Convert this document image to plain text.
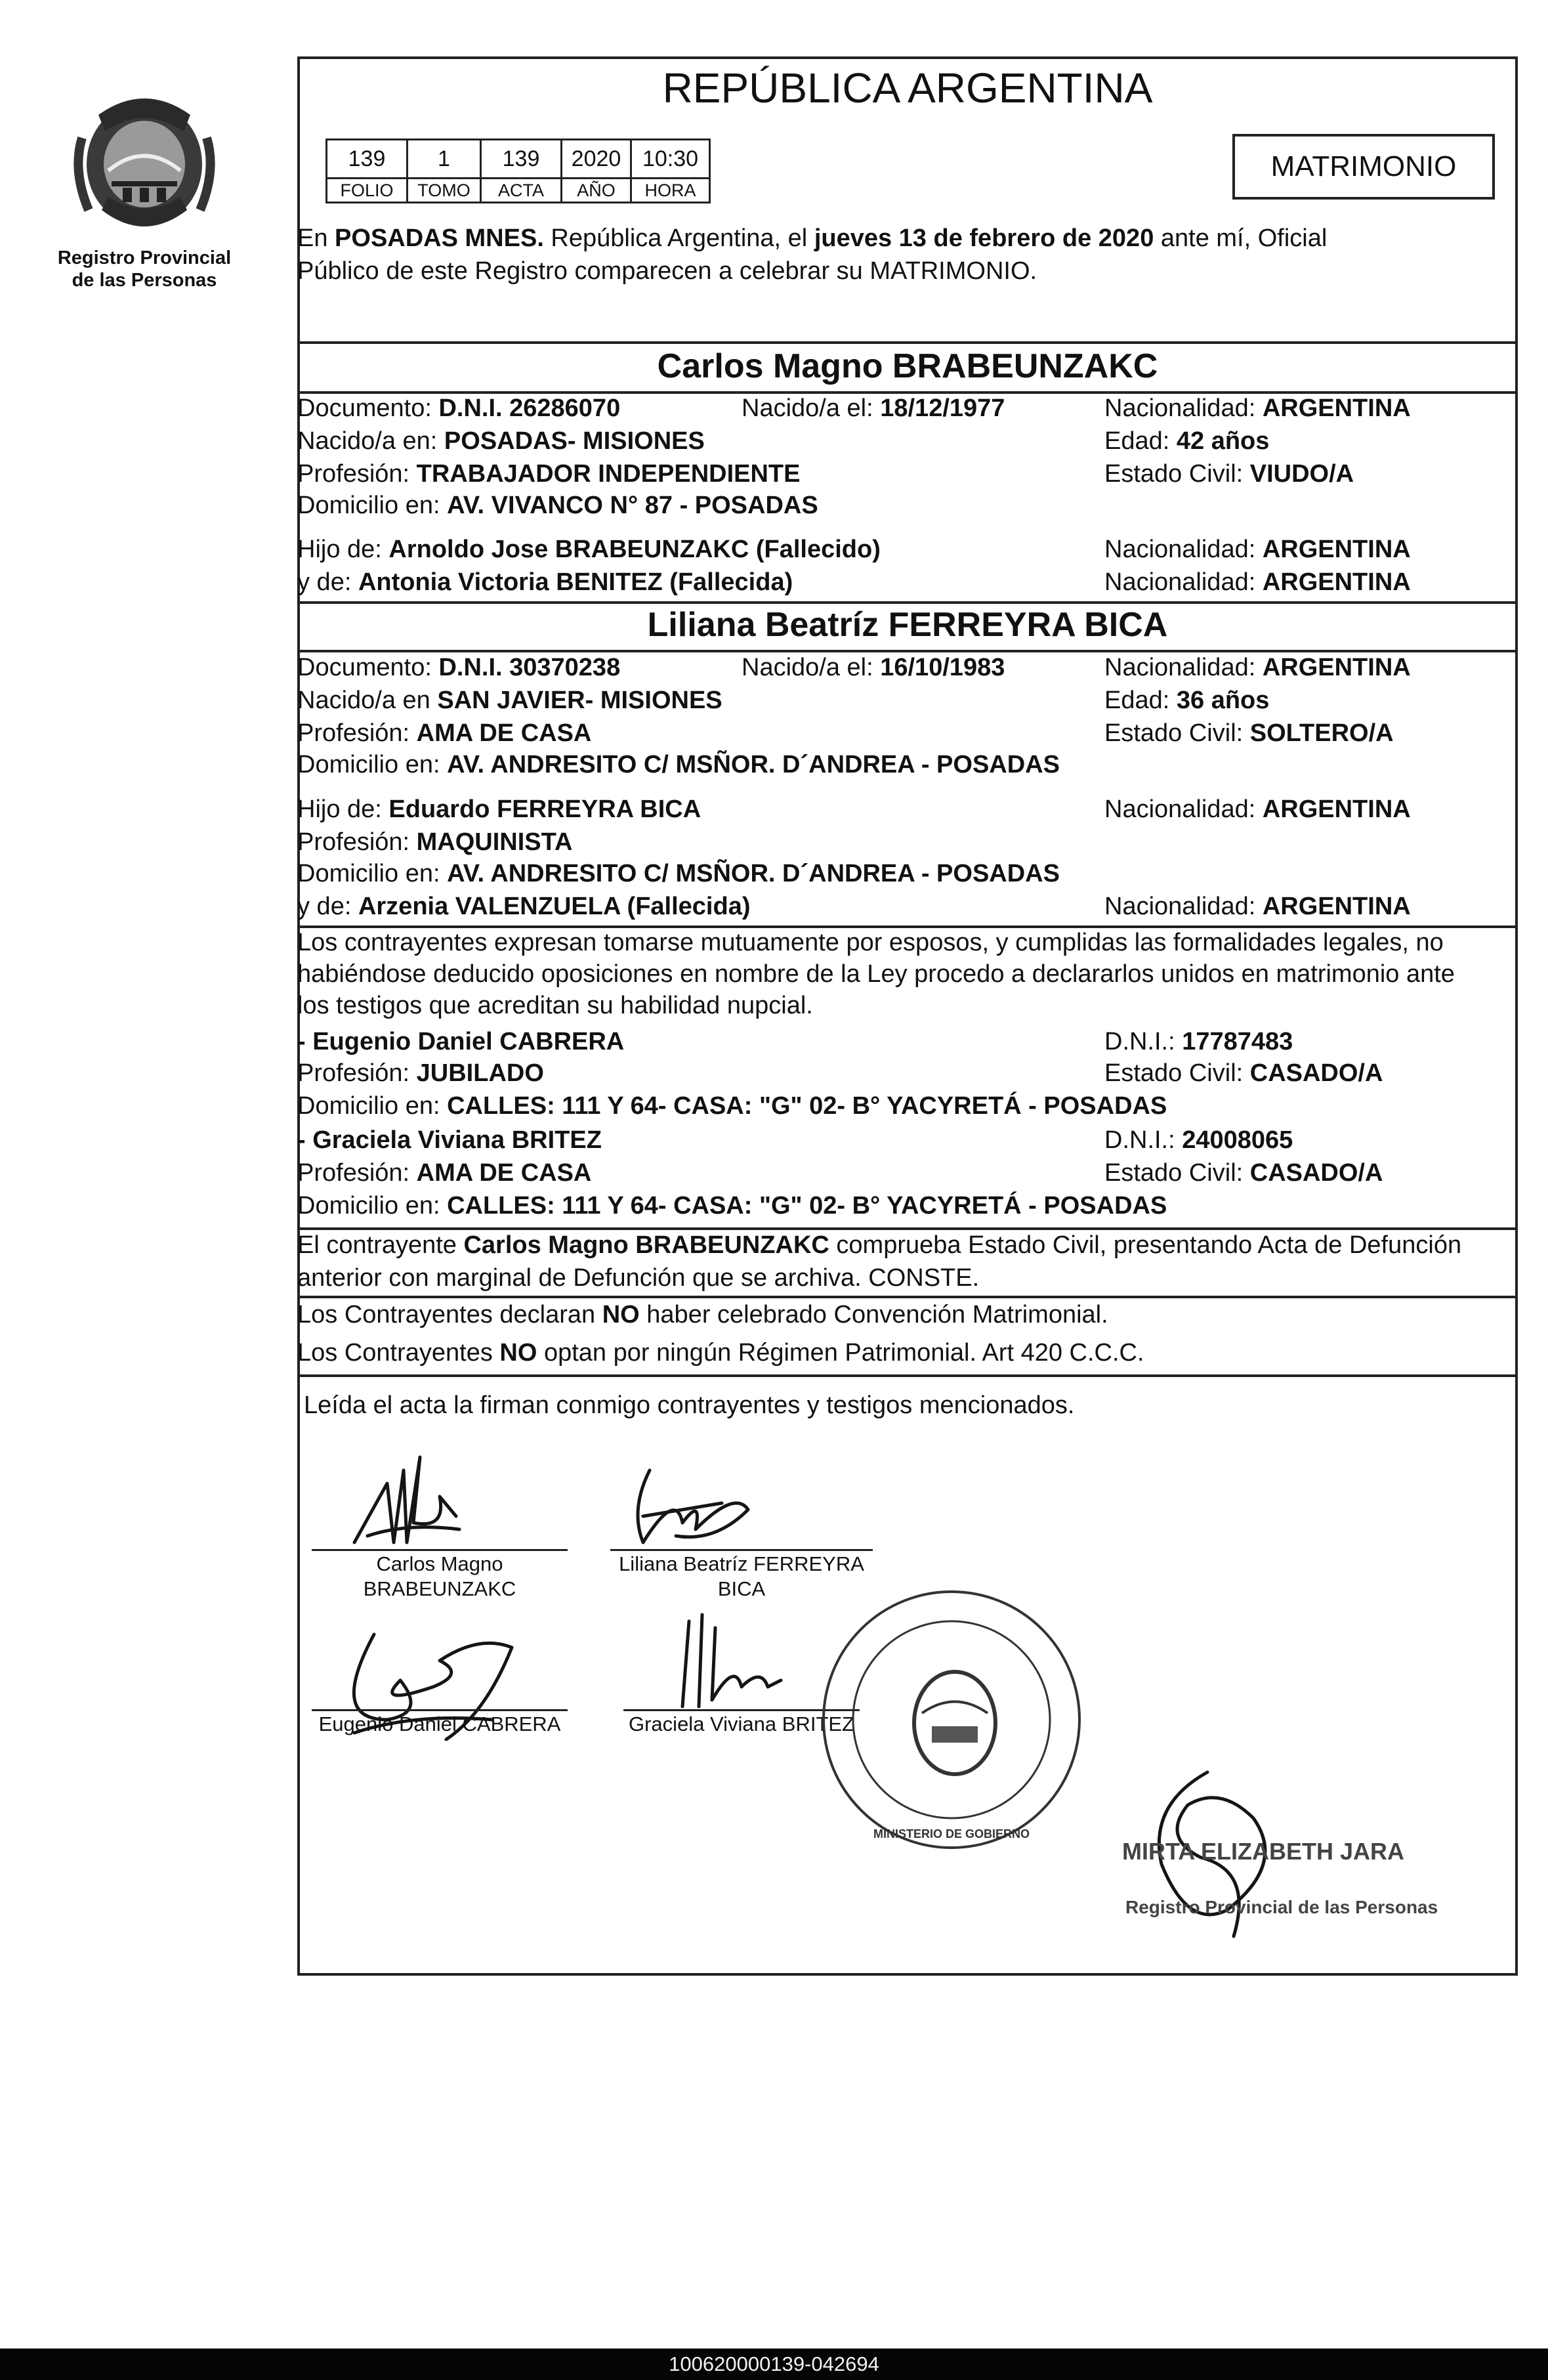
Registro Provincial
de las Personas
REPÚBLICA ARGENTINA
139	1	139	2020	10:30
FOLIO	TOMO	ACTA	AÑO	HORA
MATRIMONIO
En POSADAS MNES. República Argentina, el jueves 13 de febrero de 2020 ante mí, Oficial
Público de este Registro comparecen a celebrar su MATRIMONIO.
Carlos Magno BRABEUNZAKC
Documento: D.N.I. 26286070	Nacido/a el: 18/12/1977	Nacionalidad: ARGENTINA
Nacido/a en: POSADAS- MISIONES	Edad: 42 años
Profesión: TRABAJADOR INDEPENDIENTE	Estado Civil: VIUDO/A
Domicilio en: AV. VIVANCO N° 87 - POSADAS
Hijo de: Arnoldo Jose BRABEUNZAKC (Fallecido)	Nacionalidad: ARGENTINA
y de: Antonia Victoria BENITEZ (Fallecida)	Nacionalidad: ARGENTINA
Liliana Beatríz FERREYRA BICA
Documento: D.N.I. 30370238	Nacido/a el: 16/10/1983	Nacionalidad: ARGENTINA
Nacido/a en SAN JAVIER- MISIONES	Edad: 36 años
Profesión: AMA DE CASA	Estado Civil: SOLTERO/A
Domicilio en: AV. ANDRESITO C/ MSÑOR. D´ANDREA - POSADAS
Hijo de: Eduardo FERREYRA BICA	Nacionalidad: ARGENTINA
Profesión: MAQUINISTA
Domicilio en: AV. ANDRESITO C/ MSÑOR. D´ANDREA - POSADAS
y de: Arzenia VALENZUELA (Fallecida)	Nacionalidad: ARGENTINA
Los contrayentes expresan tomarse mutuamente por esposos, y cumplidas las formalidades legales, no
habiéndose deducido oposiciones en nombre de la Ley procedo a declararlos unidos en matrimonio ante
los testigos que acreditan su habilidad nupcial.
- Eugenio Daniel CABRERA	D.N.I.: 17787483
Profesión: JUBILADO	Estado Civil: CASADO/A
Domicilio en: CALLES: 111 Y 64- CASA: "G" 02- B° YACYRETÁ - POSADAS
- Graciela Viviana BRITEZ	D.N.I.: 24008065
Profesión: AMA DE CASA	Estado Civil: CASADO/A
Domicilio en: CALLES: 111 Y 64- CASA: "G" 02- B° YACYRETÁ - POSADAS
El contrayente Carlos Magno BRABEUNZAKC comprueba Estado Civil, presentando Acta de Defunción
anterior con marginal de Defunción que se archiva. CONSTE.
Los Contrayentes declaran NO haber celebrado Convención Matrimonial.
Los Contrayentes NO optan por ningún Régimen Patrimonial. Art 420 C.C.C.
Leída el acta la firman conmigo contrayentes y testigos mencionados.
Carlos Magno
BRABEUNZAKC
Liliana Beatríz FERREYRA
BICA
Eugenio Daniel CABRERA	Graciela Viviana BRITEZ
MINISTERIO DE GOBIERNO
MIRTA ELIZABETH JARA
Registro Provincial de las Personas
100620000139-042694
